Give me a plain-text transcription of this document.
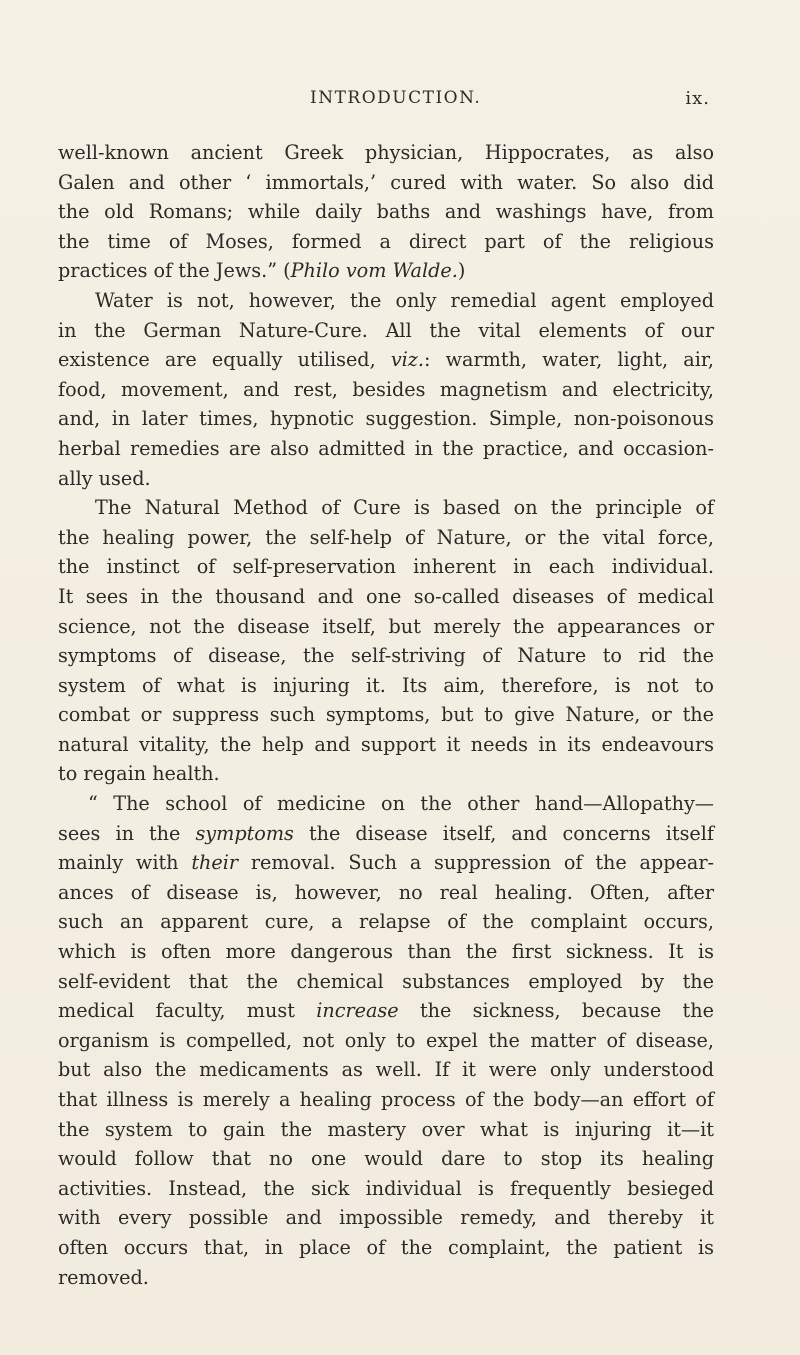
INTRODUCTION.	ix.
well-known ancient Greek physician, Hippocrates, as also
Galen and other ‘ immortals,’ cured with water. So also did
the old Romans; while daily baths and washings have, from
the time of Moses, formed a direct part of the religious
practices of the Jews.” (Philo vom Walde.)
Water is not, however, the only remedial agent employed
in the German Nature-Cure. All the vital elements of our
existence are equally utilised, viz.: warmth, water, light, air,
food, movement, and rest, besides magnetism and electricity,
and, in later times, hypnotic suggestion. Simple, non-poisonous
herbal remedies are also admitted in the practice, and occasion-
ally used.
The Natural Method of Cure is based on the principle of
the healing power, the self-help of Nature, or the vital force,
the instinct of self-preservation inherent in each individual.
It sees in the thousand and one so-called diseases of medical
science, not the disease itself, but merely the appearances or
symptoms of disease, the self-striving of Nature to rid the
system of what is injuring it. Its aim, therefore, is not to
combat or suppress such symptoms, but to give Nature, or the
natural vitality, the help and support it needs in its endeavours
to regain health.
“ The school of medicine on the other hand—Allopathy—
sees in the symptoms the disease itself, and concerns itself
mainly with their removal. Such a suppression of the appear-
ances of disease is, however, no real healing. Often, after
such an apparent cure, a relapse of the complaint occurs,
which is often more dangerous than the first sickness. It is
self-evident that the chemical substances employed by the
medical faculty, must increase the sickness, because the
organism is compelled, not only to expel the matter of disease,
but also the medicaments as well. If it were only understood
that illness is merely a healing process of the body—an effort of
the system to gain the mastery over what is injuring it—it
would follow that no one would dare to stop its healing
activities. Instead, the sick individual is frequently besieged
with every possible and impossible remedy, and thereby it
often occurs that, in place of the complaint, the patient is
removed.
